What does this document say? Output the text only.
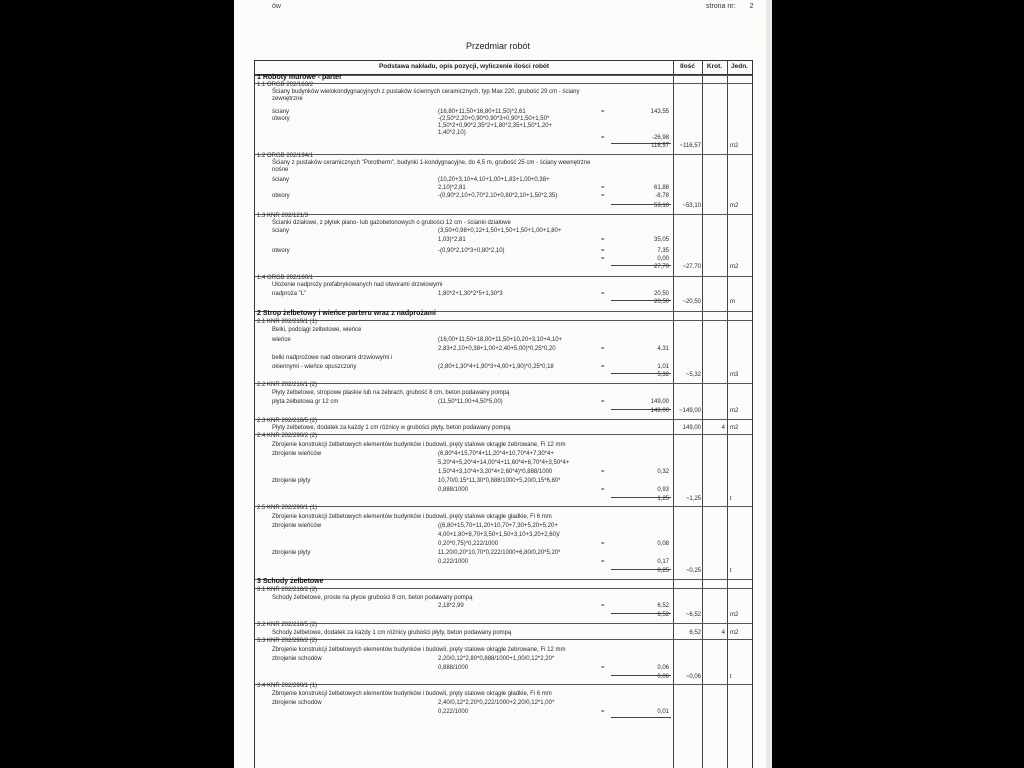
ów	strona nr: 2
Przedmiar robót
Podstawa nakładu, opis pozycji, wyliczenie ilości robót	Ilość	Krot.	Jedn.
1 Roboty murowe - parter
1.1 ORGB 202/163/2
Ściany budynków wielokondygnacyjnych z pustaków ściennych ceramicznych, typ Max 220, grubość 29 cm - ściany
zewnętrzne
ściany	(16,80+11,50+16,80+11,50)*2,61	=	143,55
otwory	-(2,50*2,20+0,90*0,90*3+0,90*1,50+1,50*
1,50*2+0,90*2,35*2+1,80*2,35+1,50*1,20+
1,40*2,10)
=	-26,98
116,57	~116,57	m2
1.2 ORGB 202/194/1
Ściany z pustaków ceramicznych "Porotherm", budynki 1-kondygnacyjne, do 4,5 m, grubość 25 cm - ściany wewnętrzne
nośne
ściany	(10,20+3,10+4,10+1,00+1,83+1,00+0,38+
2,10)*2,81	=	61,88
otwory	-(0,90*2,10+0,70*2,10+0,80*2,10+1,50*2,35)	=	-8,78
53,10	~53,10	m2
1.3 KNR 202/121/3
Ścianki działowe, z płytek piano- lub gazobetonowych o grubości 12 cm - ścianki działowe
ściany	(3,50+0,98+0,12+1,50+1,50+1,50+1,00+1,80+
1,03)*2,81	=	35,05
otwory	-(0,90*2,10*3+0,80*2,10)	=	7,35
=	0,00
27,70	~27,70	m2
1.4 ORGB 202/160/1
Ułożenie nadproży prefabrykowanych nad otworami drzwiowymi
nadproża "L"	1,80*2+1,30*2*5+1,30*3	=	20,50
20,50	~20,50	m
2 Strop żelbetowy i wieńce parteru wraz z nadprożami
2.1 KNR 202/210/1 (1)
Belki, podciągi żelbetowe, wieńce
wieńce	(16,00+11,50+18,00+11,50+10,20+3,10+4,10+
2,83+2,10+0,38+1,00+2,40+5,00)*0,25*0,20	=	4,31
belki nadprożowe nad otworami drzwiowymi i
okiennymi - wieńce opuszczony	(2,80+1,30*4+1,90*3+4,00+1,90)*0,25*0,18	=	1,01
5,32	~5,32	m3
2.2 KNR 202/216/1 (2)
Płyty żelbetowe, stropowe płaskie lub na żebrach, grubość 8 cm, beton podawany pompą
płyta żelbetowa gr 12 cm	(11,50*11,00+4,50*5,00)	=	149,00
149,00	~149,00	m2
2.3 KNR 202/218/5 (2)
Płyty żelbetowe, dodatek za każdy 1 cm różnicy w grubości płyty, beton podawany pompą	149,00	4 m2
2.4 KNR 202/290/2 (2)
Zbrojenie konstrukcji żelbetowych elementów budynków i budowli, pręty stalowe okrągłe żebrowane, Fi 12 mm
zbrojenie wieńców	(6,80*4+15,70*4+11,20*4+10,70*4+7,30*4+
5,20*4+5,20*4+14,00*4+11,60*4+8,70*4+3,50*4+
1,50*4+3,10*4+3,20*4+2,60*4)*0,888/1000	=	0,32
zbrojenie płyty	10,70/0,15*11,30*0,888/1000+5,20/0,15*6,80*
0,888/1000	=	0,93
1,25	~1,25	t
2.5 KNR 202/290/1 (1)
Zbrojenie konstrukcji żelbetowych elementów budynków i budowli, pręty stalowe okrągłe gładkie, Fi 6 mm
zbrojenie wieńców	((6,80+15,70+11,20+10,70+7,30+5,20+5,20+
4,00+1,80+8,70+3,50+1,50+3,10+3,20+2,60)/
0,20*0,75)*0,222/1000	=	0,08
zbrojenie płyty	11,20/0,20*10,70*0,222/1000+6,80/0,20*5,20*
0,222/1000	=	0,17
0,25	~0,25	t
3 Schody żelbetowe
3.1 KNR 202/218/2 (2)
Schody żelbetowe, proste na płycie grubości 8 cm, beton podawany pompą
2,18*2,99	=	6,52
6,52	~6,52	m2
3.2 KNR 202/218/5 (2)
Schody żelbetowe, dodatek za każdy 1 cm różnicy grubości płyty, beton podawany pompą	6,52	4 m2
3.3 KNR 202/290/2 (2)
Zbrojenie konstrukcji żelbetowych elementów budynków i budowli, pręty stalowe okrągłe żebrowane, Fi 12 mm
zbrojenie schodów	2,20/0,12*2,80*0,888/1000+1,00/0,12*2,20*
0,888/1000	=	0,06
0,06	~0,06	t
3.4 KNR 202/290/1 (1)
Zbrojenie konstrukcji żelbetowych elementów budynków i budowli, pręty stalowe okrągłe gładkie, Fi 6 mm
zbrojenie schodów	2,40/0,12*2,20*0,222/1000+2,20/0,12*1,00*
0,222/1000	=	0,01
